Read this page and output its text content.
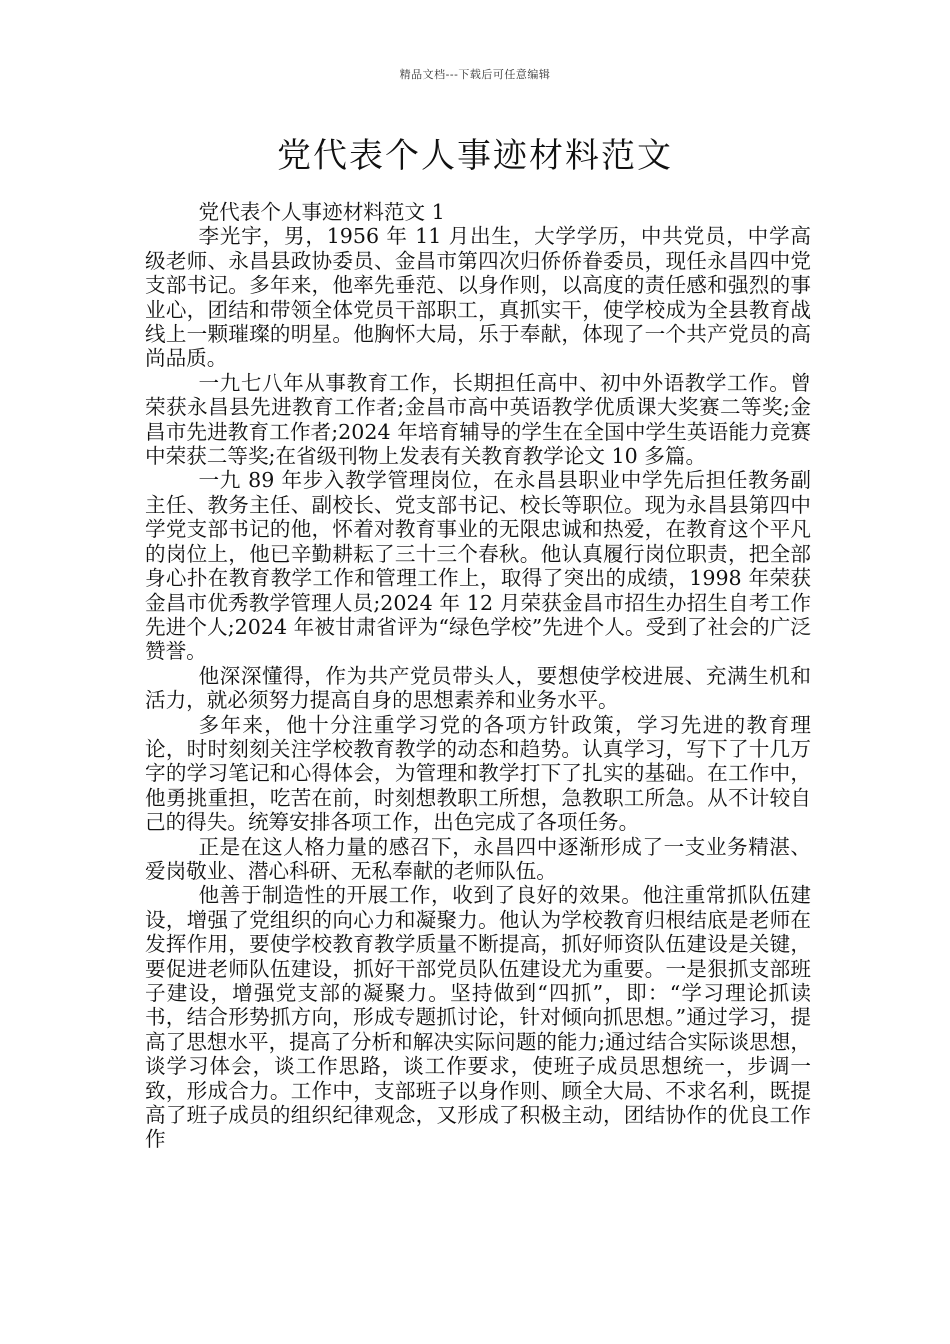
精品文档---下载后可任意编辑
党代表个人事迹材料范文

党代表个人事迹材料范文 1

李光宇，男，1956 年 11 月出生，大学学历，中共党员，中学高级老师、永昌县政协委员、金昌市第四次归侨侨眷委员，现任永昌四中党支部书记。多年来，他率先垂范、以身作则，以高度的责任感和强烈的事业心，团结和带领全体党员干部职工，真抓实干，使学校成为全县教育战线上一颗璀璨的明星。他胸怀大局，乐于奉献，体现了一个共产党员的高尚品质。

一九七八年从事教育工作，长期担任高中、初中外语教学工作。曾荣获永昌县先进教育工作者;金昌市高中英语教学优质课大奖赛二等奖;金昌市先进教育工作者;2024 年培育辅导的学生在全国中学生英语能力竞赛中荣获二等奖;在省级刊物上发表有关教育教学论文 10 多篇。

一九 89 年步入教学管理岗位，在永昌县职业中学先后担任教务副主任、教务主任、副校长、党支部书记、校长等职位。现为永昌县第四中学党支部书记的他，怀着对教育事业的无限忠诚和热爱，在教育这个平凡的岗位上，他已辛勤耕耘了三十三个春秋。他认真履行岗位职责，把全部身心扑在教育教学工作和管理工作上，取得了突出的成绩，1998 年荣获金昌市优秀教学管理人员;2024 年 12 月荣获金昌市招生办招生自考工作先进个人;2024 年被甘肃省评为“绿色学校”先进个人。受到了社会的广泛赞誉。

他深深懂得，作为共产党员带头人，要想使学校进展、充满生机和活力，就必须努力提高自身的思想素养和业务水平。

多年来，他十分注重学习党的各项方针政策，学习先进的教育理论，时时刻刻关注学校教育教学的动态和趋势。认真学习，写下了十几万字的学习笔记和心得体会，为管理和教学打下了扎实的基础。在工作中，他勇挑重担，吃苦在前，时刻想教职工所想，急教职工所急。从不计较自己的得失。统筹安排各项工作，出色完成了各项任务。

正是在这人格力量的感召下，永昌四中逐渐形成了一支业务精湛、爱岗敬业、潜心科研、无私奉献的老师队伍。

他善于制造性的开展工作，收到了良好的效果。他注重常抓队伍建设，增强了党组织的向心力和凝聚力。他认为学校教育归根结底是老师在发挥作用，要使学校教育教学质量不断提高，抓好师资队伍建设是关键，要促进老师队伍建设，抓好干部党员队伍建设尤为重要。一是狠抓支部班子建设，增强党支部的凝聚力。坚持做到“四抓”，即：“学习理论抓读书，结合形势抓方向，形成专题抓讨论，针对倾向抓思想。”通过学习，提高了思想水平，提高了分析和解决实际问题的能力;通过结合实际谈思想，谈学习体会，谈工作思路，谈工作要求，使班子成员思想统一，步调一致，形成合力。工作中，支部班子以身作则、顾全大局、不求名利，既提高了班子成员的组织纪律观念，又形成了积极主动，团结协作的优良工作作
